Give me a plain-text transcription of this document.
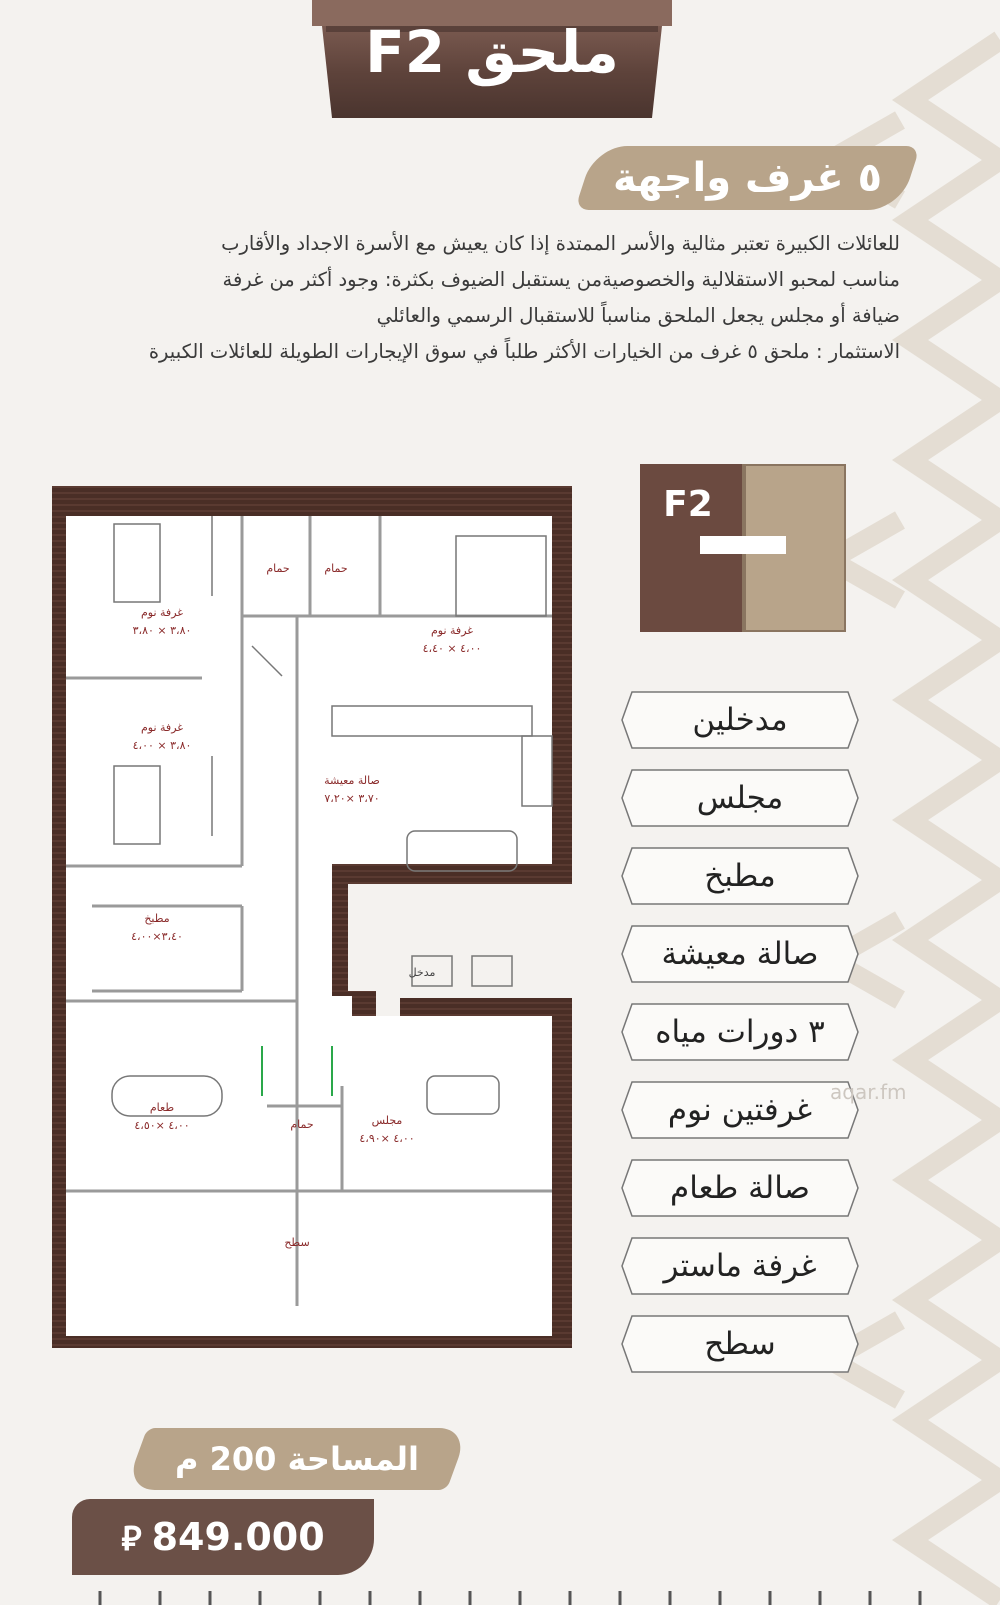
ملحق F2
٥ غرف واجهة

للعائلات الكبيرة تعتبر مثالية والأسر الممتدة إذا كان يعيش مع الأسرة الاجداد والأقارب

مناسب لمحبو الاستقلالية والخصوصيةمن يستقبل الضيوف بكثرة: وجود أكثر من غرفة

ضيافة أو مجلس يجعل الملحق مناسباً للاستقبال الرسمي والعائلي

الاستثمار : ملحق ٥ غرف من الخيارات الأكثر طلباً في سوق الإيجارات الطويلة للعائلات الكبيرة

غرفة نوم
٣،٨٠ × ٣،٨٠
غرفة نوم
٣،٨٠ × ٤،٠٠
حمام	حمام
غرفة نوم
٤،٠٠ × ٤،٤٠
صالة معيشة
٣،٧٠ ×٧،٢٠
مطبخ
٣،٤٠×٤،٠٠
مدخل
طعام
٤،٠٠ ×٤،٥٠	حمام	مجلس
٤،٠٠ ×٤،٩٠
سطح
F2
مدخلين
مجلس
مطبخ
صالة معيشة
٣ دورات مياه
غرفتين نوم
صالة طعام
غرفة ماستر
سطح
aqar.fm
المساحة 200 م
⃁ 849.000
